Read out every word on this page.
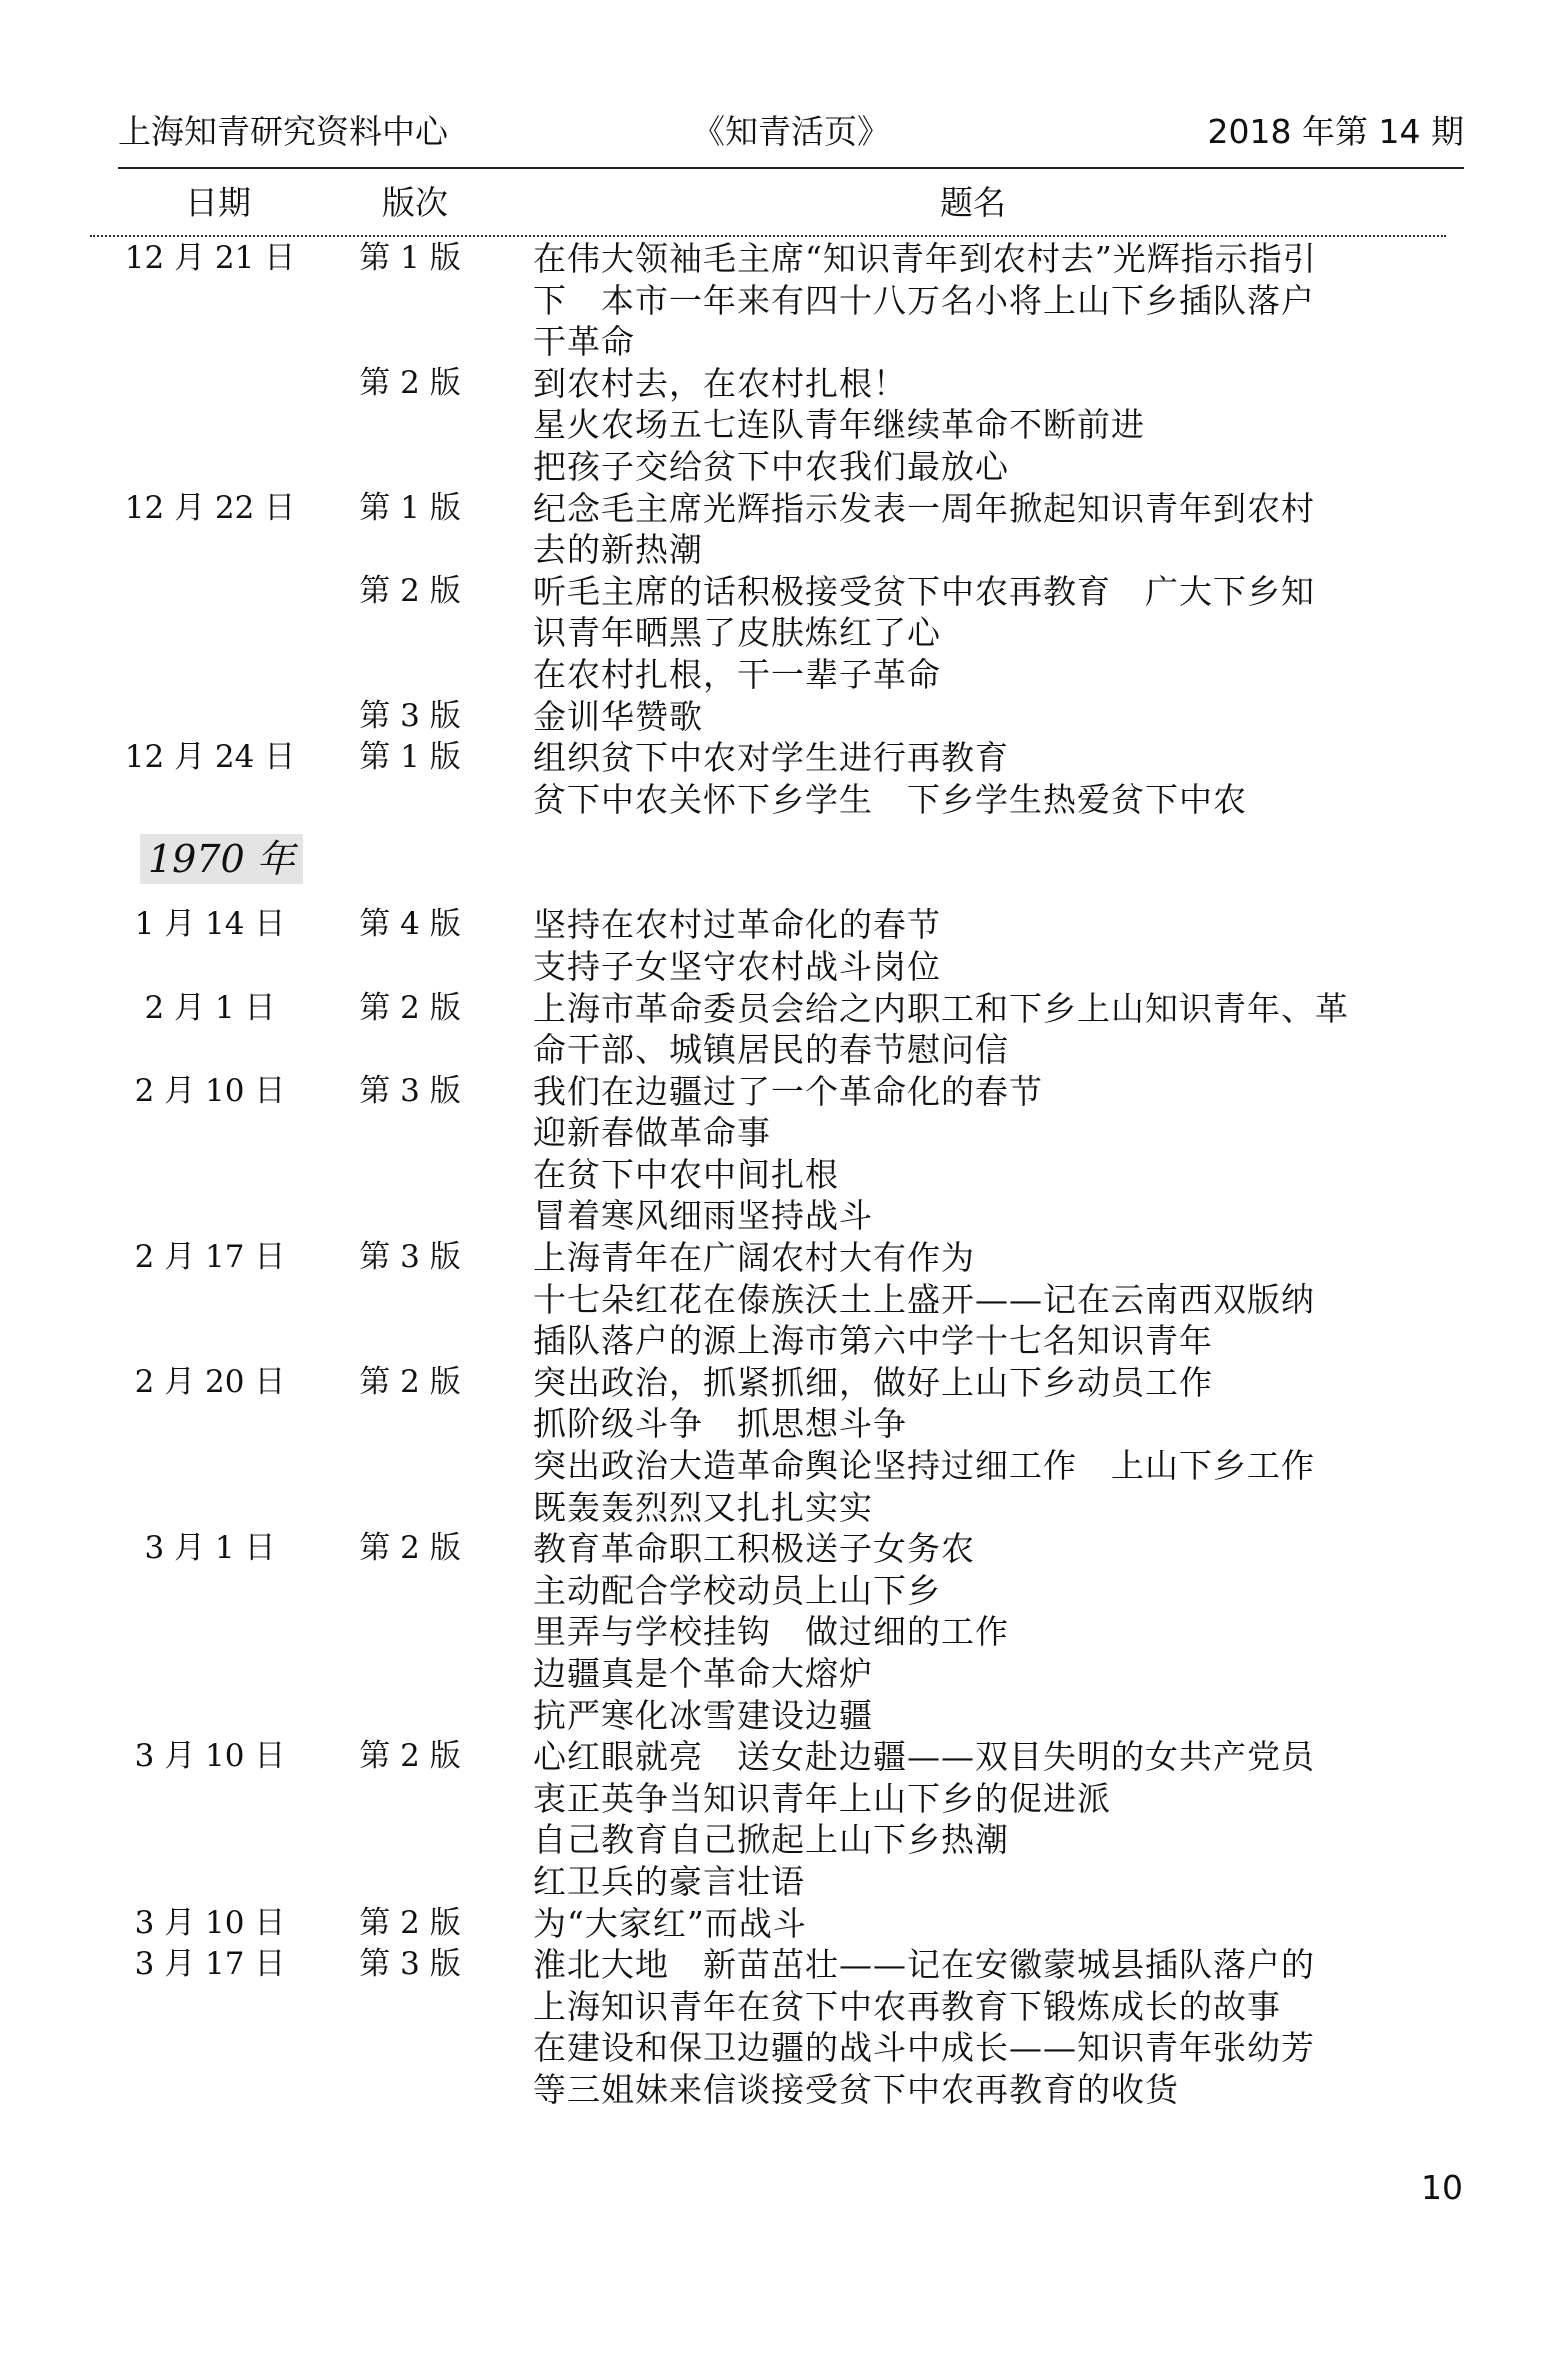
上海知青研究资料中心	《知青活页》	2018 年第 14 期
日期	版次	题名
12 月 21 日	第 1 版	在伟大领袖毛主席“知识青年到农村去”光辉指示指引
下　本市一年来有四十八万名小将上山下乡插队落户
干革命
第 2 版	到农村去，在农村扎根！
星火农场五七连队青年继续革命不断前进
把孩子交给贫下中农我们最放心
12 月 22 日	第 1 版	纪念毛主席光辉指示发表一周年掀起知识青年到农村
去的新热潮
第 2 版	听毛主席的话积极接受贫下中农再教育　广大下乡知
识青年晒黑了皮肤炼红了心
在农村扎根，干一辈子革命
第 3 版	金训华赞歌
12 月 24 日	第 1 版	组织贫下中农对学生进行再教育
贫下中农关怀下乡学生　下乡学生热爱贫下中农
1970 年
1 月 14 日	第 4 版	坚持在农村过革命化的春节
支持子女坚守农村战斗岗位
2 月 1 日	第 2 版	上海市革命委员会给之内职工和下乡上山知识青年、革
命干部、城镇居民的春节慰问信
2 月 10 日	第 3 版	我们在边疆过了一个革命化的春节
迎新春做革命事
在贫下中农中间扎根
冒着寒风细雨坚持战斗
2 月 17 日	第 3 版	上海青年在广阔农村大有作为
十七朵红花在傣族沃土上盛开——记在云南西双版纳
插队落户的源上海市第六中学十七名知识青年
2 月 20 日	第 2 版	突出政治，抓紧抓细，做好上山下乡动员工作
抓阶级斗争　抓思想斗争
突出政治大造革命舆论坚持过细工作　上山下乡工作
既轰轰烈烈又扎扎实实
3 月 1 日	第 2 版	教育革命职工积极送子女务农
主动配合学校动员上山下乡
里弄与学校挂钩　做过细的工作
边疆真是个革命大熔炉
抗严寒化冰雪建设边疆
3 月 10 日	第 2 版	心红眼就亮　送女赴边疆——双目失明的女共产党员
衷正英争当知识青年上山下乡的促进派
自己教育自己掀起上山下乡热潮
红卫兵的豪言壮语
3 月 10 日	第 2 版	为“大家红”而战斗
3 月 17 日	第 3 版	淮北大地　新苗茁壮——记在安徽蒙城县插队落户的
上海知识青年在贫下中农再教育下锻炼成长的故事
在建设和保卫边疆的战斗中成长——知识青年张幼芳
等三姐妹来信谈接受贫下中农再教育的收货
10
